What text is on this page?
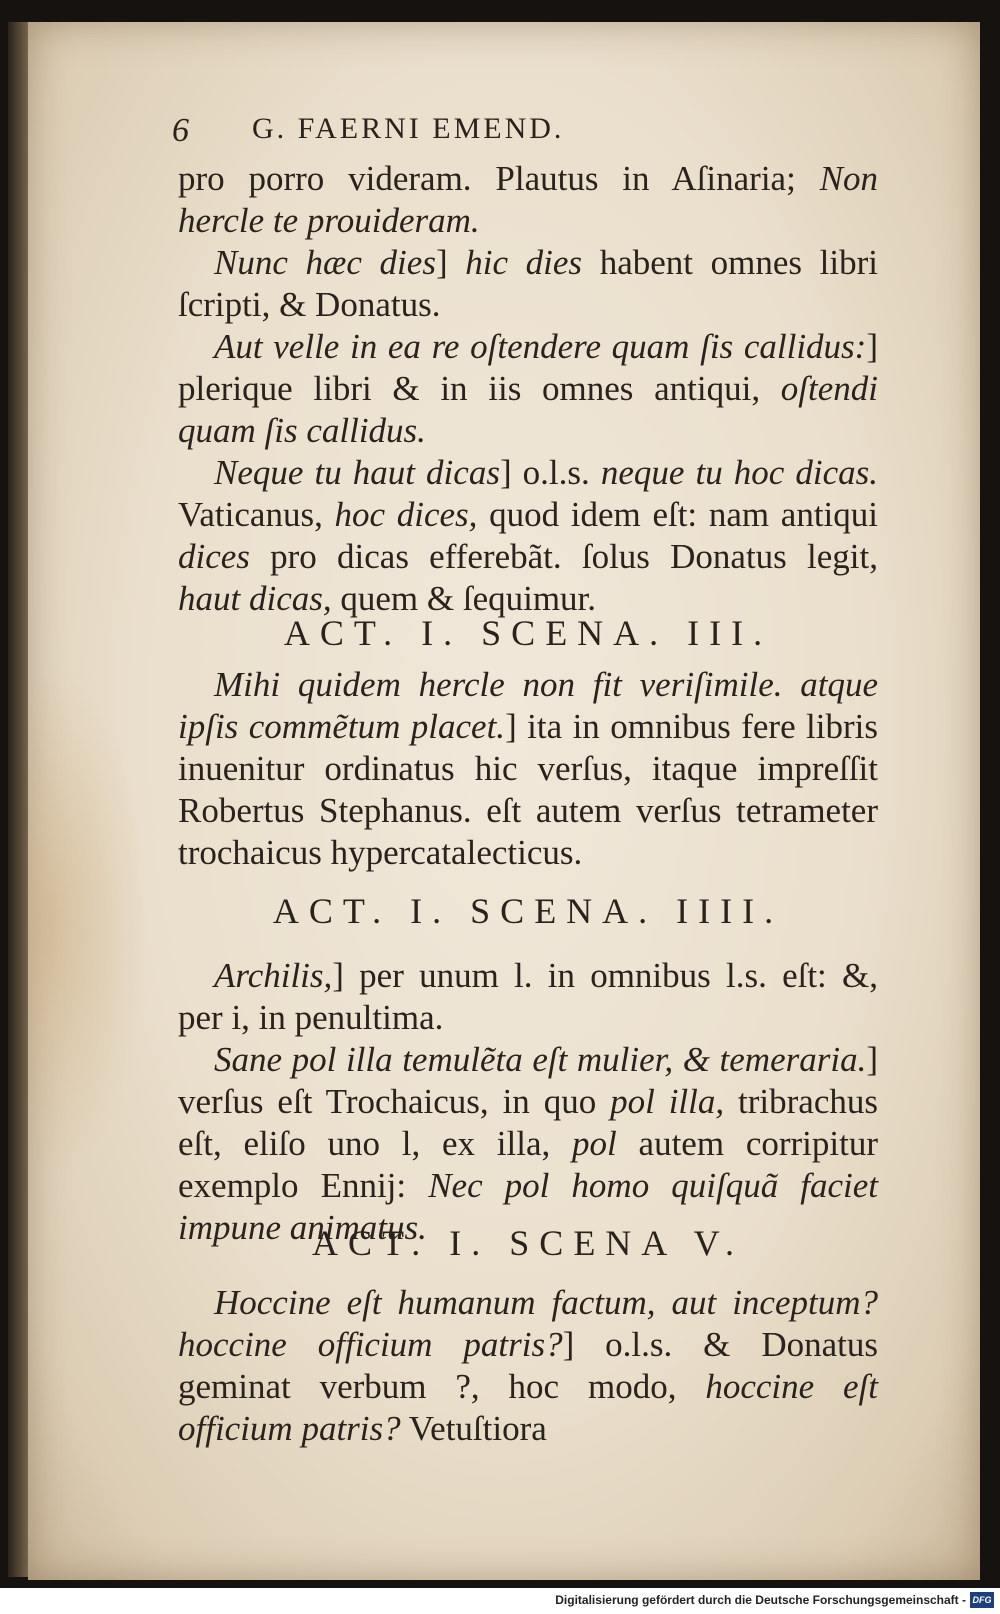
6 G. FAERNI EMEND.

pro porro videram. Plautus in Aſinaria; Non hercle te prouideram.

Nunc hæc dies] hic dies habent omnes libri ſcripti, & Donatus.

Aut velle in ea re oſtendere quam ſis callidus:] plerique libri & in iis omnes antiqui, oſtendi quam ſis callidus.

Neque tu haut dicas] o.l.s. neque tu hoc dicas. Vaticanus, hoc dices, quod idem eſt: nam antiqui dices pro dicas efferebãt. ſolus Donatus legit, haut dicas, quem & ſequimur.

ACT. I. SCENA. III.

Mihi quidem hercle non fit veriſimile. atque ipſis commẽtum placet.] ita in omnibus fere libris inuenitur ordinatus hic verſus, itaque impreſſit Robertus Stephanus. eſt autem verſus tetrameter trochaicus hypercatalecticus.

ACT. I. SCENA. IIII.

Archilis,] per unum l. in omnibus l.s. eſt: &, per i, in penultima.

Sane pol illa temulẽta eſt mulier, & temeraria.] verſus eſt Trochaicus, in quo pol illa, tribrachus eſt, eliſo uno l, ex illa, pol autem corripitur exemplo Ennij: Nec pol homo quiſquã faciet impune animatus.

ACT. I. SCENA V.

Hoccine eſt humanum factum, aut inceptum? hoccine officium patris?] o.l.s. & Donatus geminat verbum ?, hoc modo, hoccine eſt officium patris? Vetuſtiora

Digitalisierung gefördert durch die Deutsche Forschungsgemeinschaft - DFG
